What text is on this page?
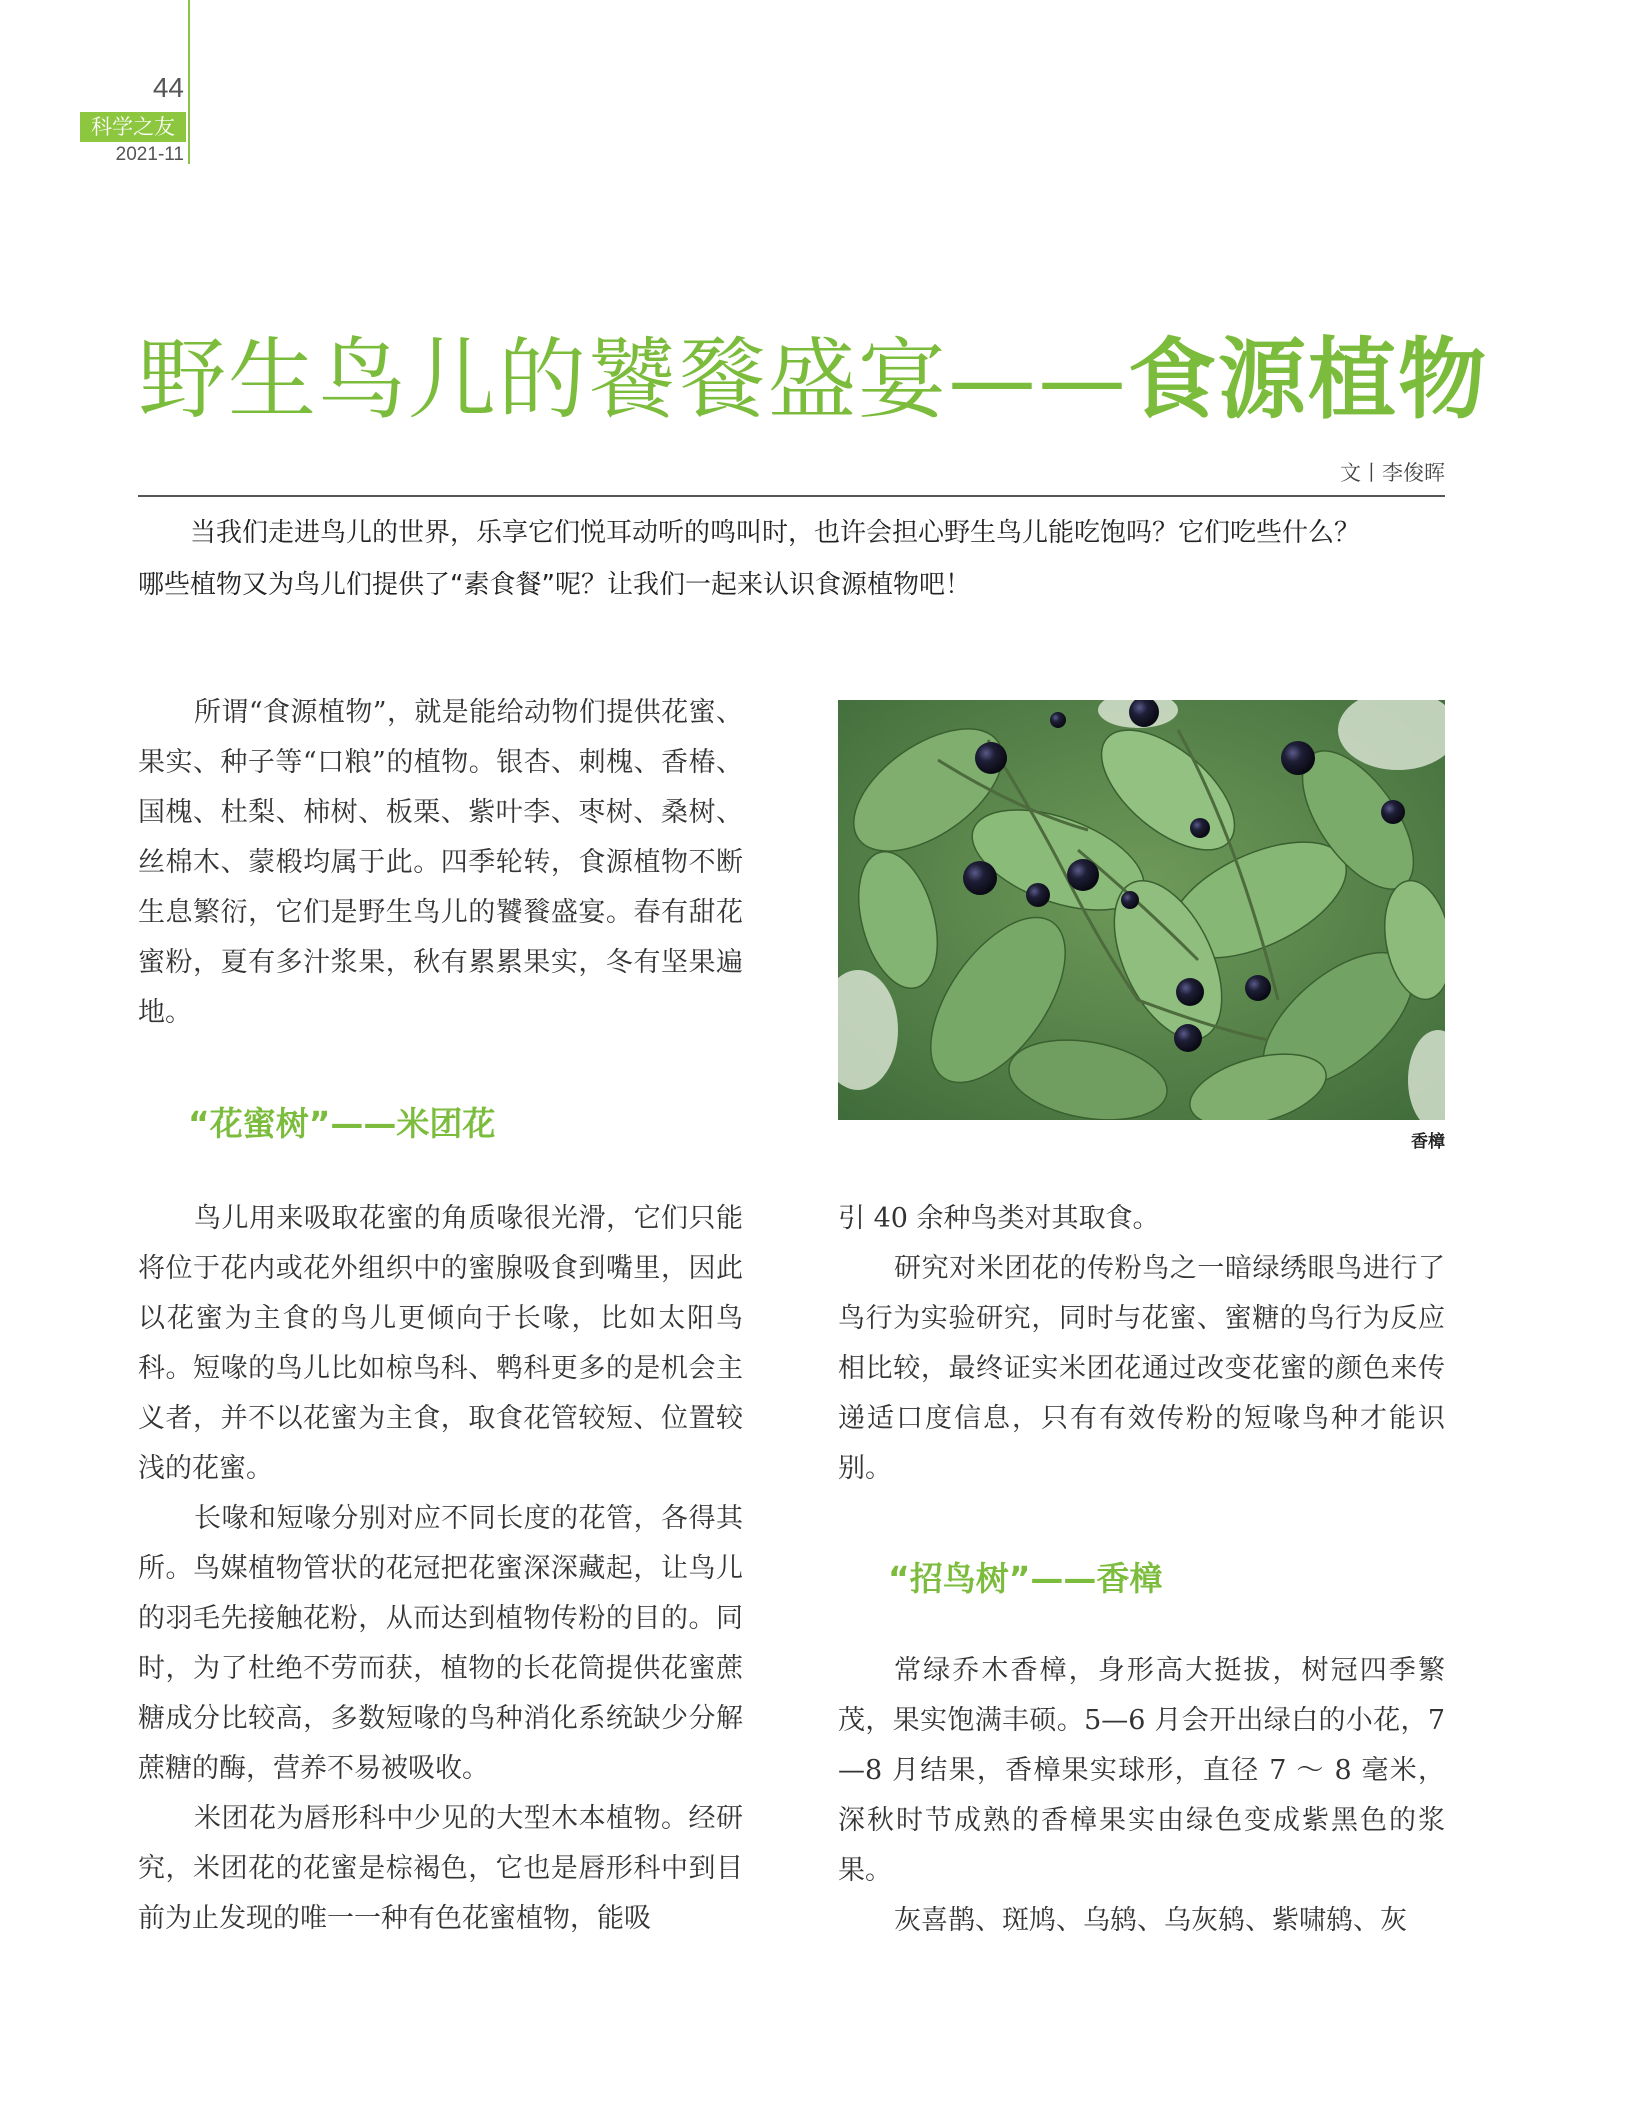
44
科学之友
2021-11
野生鸟儿的饕餮盛宴——食源植物
文丨李俊晖

当我们走进鸟儿的世界，乐享它们悦耳动听的鸣叫时，也许会担心野生鸟儿能吃饱吗？它们吃些什么？

哪些植物又为鸟儿们提供了“素食餐”呢？让我们一起来认识食源植物吧！

所谓“食源植物”，就是能给动物们提供花蜜、果实、种子等“口粮”的植物。银杏、刺槐、香椿、国槐、杜梨、柿树、板栗、紫叶李、枣树、桑树、丝棉木、蒙椴均属于此。四季轮转，食源植物不断生息繁衍，它们是野生鸟儿的饕餮盛宴。春有甜花蜜粉，夏有多汁浆果，秋有累累果实，冬有坚果遍地。

“花蜜树”——米团花

鸟儿用来吸取花蜜的角质喙很光滑，它们只能将位于花内或花外组织中的蜜腺吸食到嘴里，因此以花蜜为主食的鸟儿更倾向于长喙，比如太阳鸟科。短喙的鸟儿比如椋鸟科、鹎科更多的是机会主义者，并不以花蜜为主食，取食花管较短、位置较浅的花蜜。

长喙和短喙分别对应不同长度的花管，各得其所。鸟媒植物管状的花冠把花蜜深深藏起，让鸟儿的羽毛先接触花粉，从而达到植物传粉的目的。同时，为了杜绝不劳而获，植物的长花筒提供花蜜蔗糖成分比较高，多数短喙的鸟种消化系统缺少分解蔗糖的酶，营养不易被吸收。

米团花为唇形科中少见的大型木本植物。经研究，米团花的花蜜是棕褐色，它也是唇形科中到目前为止发现的唯一一种有色花蜜植物，能吸

香樟

引 40 余种鸟类对其取食。

研究对米团花的传粉鸟之一暗绿绣眼鸟进行了鸟行为实验研究，同时与花蜜、蜜糖的鸟行为反应相比较，最终证实米团花通过改变花蜜的颜色来传递适口度信息，只有有效传粉的短喙鸟种才能识别。

“招鸟树”——香樟

常绿乔木香樟，身形高大挺拔，树冠四季繁茂，果实饱满丰硕。5—6 月会开出绿白的小花，7—8 月结果，香樟果实球形，直径 7 ～ 8 毫米，深秋时节成熟的香樟果实由绿色变成紫黑色的浆果。

灰喜鹊、斑鸠、乌鸫、乌灰鸫、紫啸鸫、灰
